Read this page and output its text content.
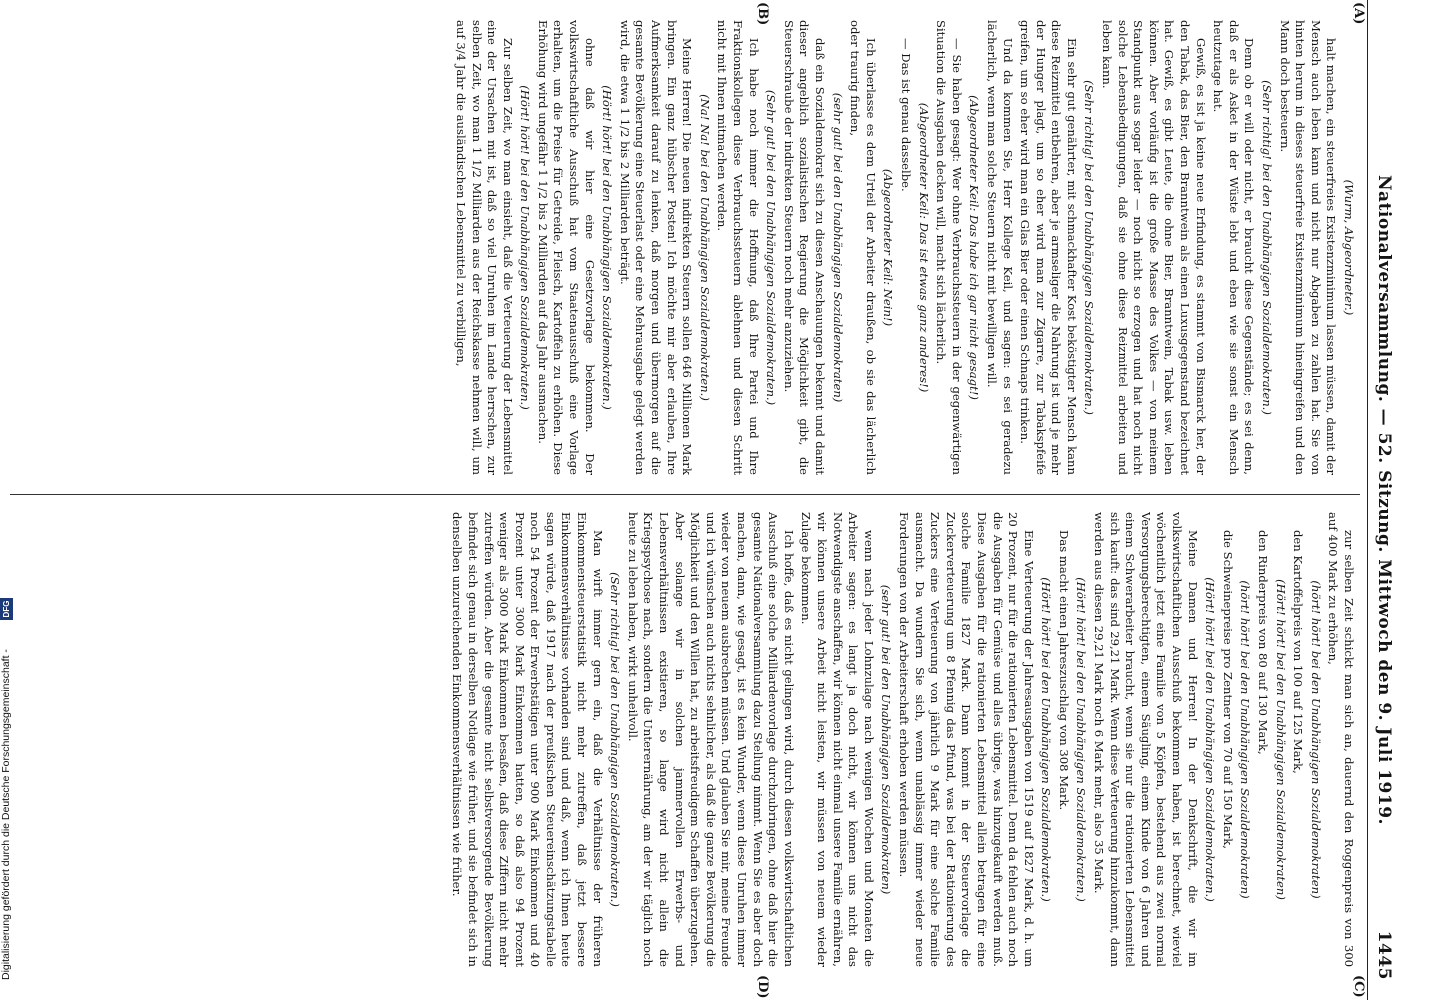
Nationalversammlung. — 52. Sitzung. Mittwoch den 9. Juli 1919.
1445
(A)
(B)
(C)
(D)

(Wurm, Abgeordneter.)

halt machen, ein steuerfreies Existenzminimum lassen müssen, damit der Mensch auch leben kann und nicht nur Abgaben zu zahlen hat. Sie von hinten herum in dieses steuerfreie Existenzminimum hineingreifen und den Mann doch besteuern.

(Sehr richtig! bei den Unabhängigen Sozialdemokraten.)

Denn ob er will oder nicht, er braucht diese Gegenstände; es sei denn, daß er als Asket in der Wüste lebt und eben wie sie sonst ein Mensch heutzutage hat.

Gewiß, es ist ja keine neue Erfindung, es stammt von Bismarck her, der den Tabak, das Bier, den Branntwein als einen Luxusgegenstand bezeichnet hat. Gewiß, es gibt Leute, die ohne Bier, Branntwein, Tabak usw. leben können. Aber vorläufig ist die große Masse des Volkes — von meinem Standpunkt aus sogar leider — noch nicht so erzogen und hat noch nicht solche Lebensbedingungen, daß sie ohne diese Reizmittel arbeiten und leben kann.

(Sehr richtig! bei den Unabhängigen Sozialdemokraten.)

Ein sehr gut genährter, mit schmackhafter Kost beköstigter Mensch kann diese Reizmittel entbehren, aber je armseliger die Nahrung ist und je mehr der Hunger plagt, um so eher wird man zur Zigarre, zur Tabakspfeife greifen, um so eher wird man ein Glas Bier oder einen Schnaps trinken.

Und da kommen Sie, Herr Kollege Keil, und sagen: es sei geradezu lächerlich, wenn man solche Steuern nicht mit bewilligen will.

(Abgeordneter Keil: Das habe ich gar nicht gesagt!)

— Sie haben gesagt: Wer ohne Verbrauchssteuern in der gegenwärtigen Situation die Ausgaben decken will, macht sich lächerlich.

(Abgeordneter Keil: Das ist etwas ganz anderes!)

— Das ist genau dasselbe.

(Abgeordneter Keil: Nein!)

Ich überlasse es dem Urteil der Arbeiter draußen, ob sie das lächerlich oder traurig finden,

(sehr gut! bei den Unabhängigen Sozialdemokraten)

daß ein Sozialdemokrat sich zu diesen Anschauungen bekennt und damit dieser angeblich sozialistischen Regierung die Möglichkeit gibt, die Steuerschraube der indirekten Steuern noch mehr anzuziehen.

(Sehr gut! bei den Unabhängigen Sozialdemokraten.)

Ich habe noch immer die Hoffnung, daß Ihre Partei und Ihre Fraktionskollegen diese Verbrauchssteuern ablehnen und diesen Schritt nicht mit Ihnen mitmachen werden.

(Na! Na! bei den Unabhängigen Sozialdemokraten.)

Meine Herren! Die neuen indirekten Steuern sollen 646 Millionen Mark bringen. Ein ganz hübscher Posten! Ich möchte mir aber erlauben, Ihre Aufmerksamkeit darauf zu lenken, daß morgen und übermorgen auf die gesamte Bevölkerung eine Steuerlast oder eine Mehrausgabe gelegt werden wird, die etwa 1 1/2 bis 2 Milliarden beträgt.

(Hört! hört! bei den Unabhängigen Sozialdemokraten.)

ohne daß wir hier eine Gesetzvorlage bekommen. Der volkswirtschaftliche Ausschuß hat vom Staatenausschuß eine Vorlage erhalten, um die Preise für Getreide, Fleisch, Kartoffeln zu erhöhen. Diese Erhöhung wird ungefähr 1 1/2 bis 2 Milliarden auf das Jahr ausmachen.

(Hört! hört! bei den Unabhängigen Sozialdemokraten.)

Zur selben Zeit, wo man einsieht, daß die Verteuerung der Lebensmittel eine der Ursachen mit ist, daß so viel Unruhen im Lande herrschen, zur selben Zeit, wo man 1 1/2 Milliarden aus der Reichskasse nehmen will, um auf 3/4 Jahr die ausländischen Lebensmittel zu verbilligen,

zur selben Zeit schickt man sich an, dauernd den Roggenpreis von 300 auf 400 Mark zu erhöhen,

(hört! hört! bei den Unabhängigen Sozialdemokraten)

den Kartoffelpreis von 100 auf 125 Mark,

(Hört! hört! bei den Unabhängigen Sozialdemokraten)

den Rinderpreis von 80 auf 130 Mark,

(hört! hört! bei den Unabhängigen Sozialdemokraten)

die Schweinepreise pro Zentner von 70 auf 150 Mark,

(Hört! hört! bei den Unabhängigen Sozialdemokraten.)

Meine Damen und Herren! In der Denkschrift, die wir im volkswirtschaftlichen Ausschuß bekommen haben, ist berechnet, wieviel wöchentlich jetzt eine Familie von 5 Köpfen, bestehend aus zwei normal Versorgungsberechtigten, einem Säugling, einem Kinde von 6 Jahren und einem Schwerarbeiter braucht, wenn sie nur die rationierten Lebensmittel sich kauft: das sind 29,21 Mark. Wenn diese Verteuerung hinzukommt, dann werden aus diesen 29,21 Mark noch 6 Mark mehr, also 35 Mark.

(Hört! hört! bei den Unabhängigen Sozialdemokraten.)

Das macht einen Jahreszuschlag von 308 Mark.

(Hört! hört! bei den Unabhängigen Sozialdemokraten.)

Eine Verteuerung der Jahresausgaben von 1519 auf 1827 Mark, d. h. um 20 Prozent, nur für die rationierten Lebensmittel. Denn da fehlen auch noch die Ausgaben für Gemüse und alles übrige, was hinzugekauft werden muß. Diese Ausgaben für die rationierten Lebensmittel allein betragen für eine solche Familie 1827 Mark. Dann kommt in der Steuervorlage die Zuckerverteuerung um 8 Pfennig das Pfund, was bei der Rationierung des Zuckers eine Verteuerung von jährlich 9 Mark für eine solche Familie ausmacht. Da wundern Sie sich, wenn unablässig immer wieder neue Forderungen von der Arbeiterschaft erhoben werden müssen.

(sehr gut! bei den Unabhängigen Sozialdemokraten)

wenn nach jeder Lohnzulage nach wenigen Wochen und Monaten die Arbeiter sagen: es langt ja doch nicht, wir können uns nicht das Notwendigste anschaffen, wir können nicht einmal unsere Familie ernähren, wir können unsere Arbeit nicht leisten, wir müssen von neuem wieder Zulage bekommen.

Ich hoffe, daß es nicht gelingen wird, durch diesen volkswirtschaftlichen Ausschuß eine solche Milliardenvorlage durchzubringen, ohne daß hier die gesamte Nationalversammlung dazu Stellung nimmt. Wenn Sie es aber doch machen, dann, wie gesagt, ist es kein Wunder, wenn diese Unruhen immer wieder von neuem ausbrechen müssen. Und glauben Sie mir, meine Freunde und ich wünschen auch nichts sehnlicher, als daß die ganze Bevölkerung die Möglichkeit und den Willen hat, zu arbeitsfreudigem Schaffen überzugehen. Aber solange wir in solchen jammervollen Erwerbs- und Lebensverhältnissen existieren, so lange wird nicht allein die Kriegspsychose nach, sondern die Unterernährung, am der wir täglich noch heute zu leben haben, wirkt unheilvoll.

(Sehr richtig! bei den Unabhängigen Sozialdemokraten.)

Man wirft immer gern ein, daß die Verhältnisse der früheren Einkommensteuerstatistik nicht mehr zutreffen, daß jetzt bessere Einkommensverhältnisse vorhanden sind und daß, wenn ich Ihnen heute sagen würde, daß 1917 nach der preußischen Steuereinschätzungstabelle noch 54 Prozent der Erwerbstätigen unter 900 Mark Einkommen und 40 Prozent unter 3000 Mark Einkommen hatten, so daß also 94 Prozent weniger als 3000 Mark Einkommen besaßen, daß diese Ziffern nicht mehr zutreffen würden. Aber die gesamte nicht selbstversorgende Bevölkerung befindet sich genau in derselben Notlage wie früher, und sie befindet sich in denselben unzureichenden Einkommensverhältnissen wie früher.

Digitalisierung gefördert durch die Deutsche Forschungsgemeinschaft -
DFG
